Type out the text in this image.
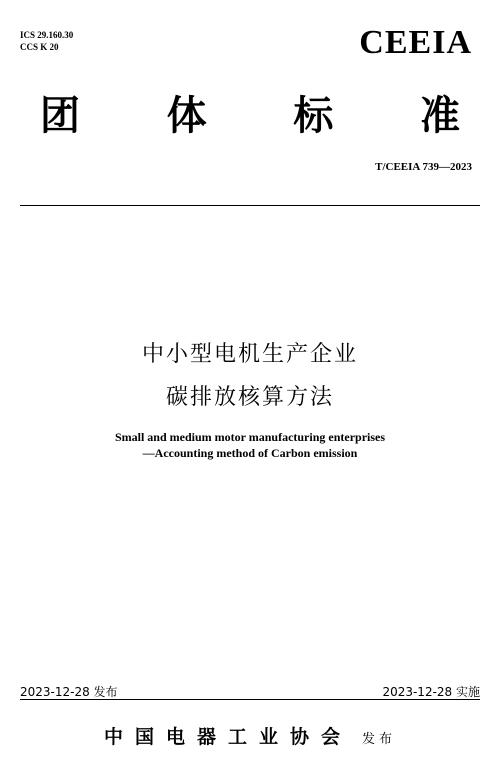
ICS 29.160.30
CCS K 20	CEEIA
团 体 标 准
T/CEEIA 739—2023
中小型电机生产企业
碳排放核算方法
Small and medium motor manufacturing enterprises
—Accounting method of Carbon emission
2023-12-28 发布	2023-12-28 实施
中国电器工业协会 发布
